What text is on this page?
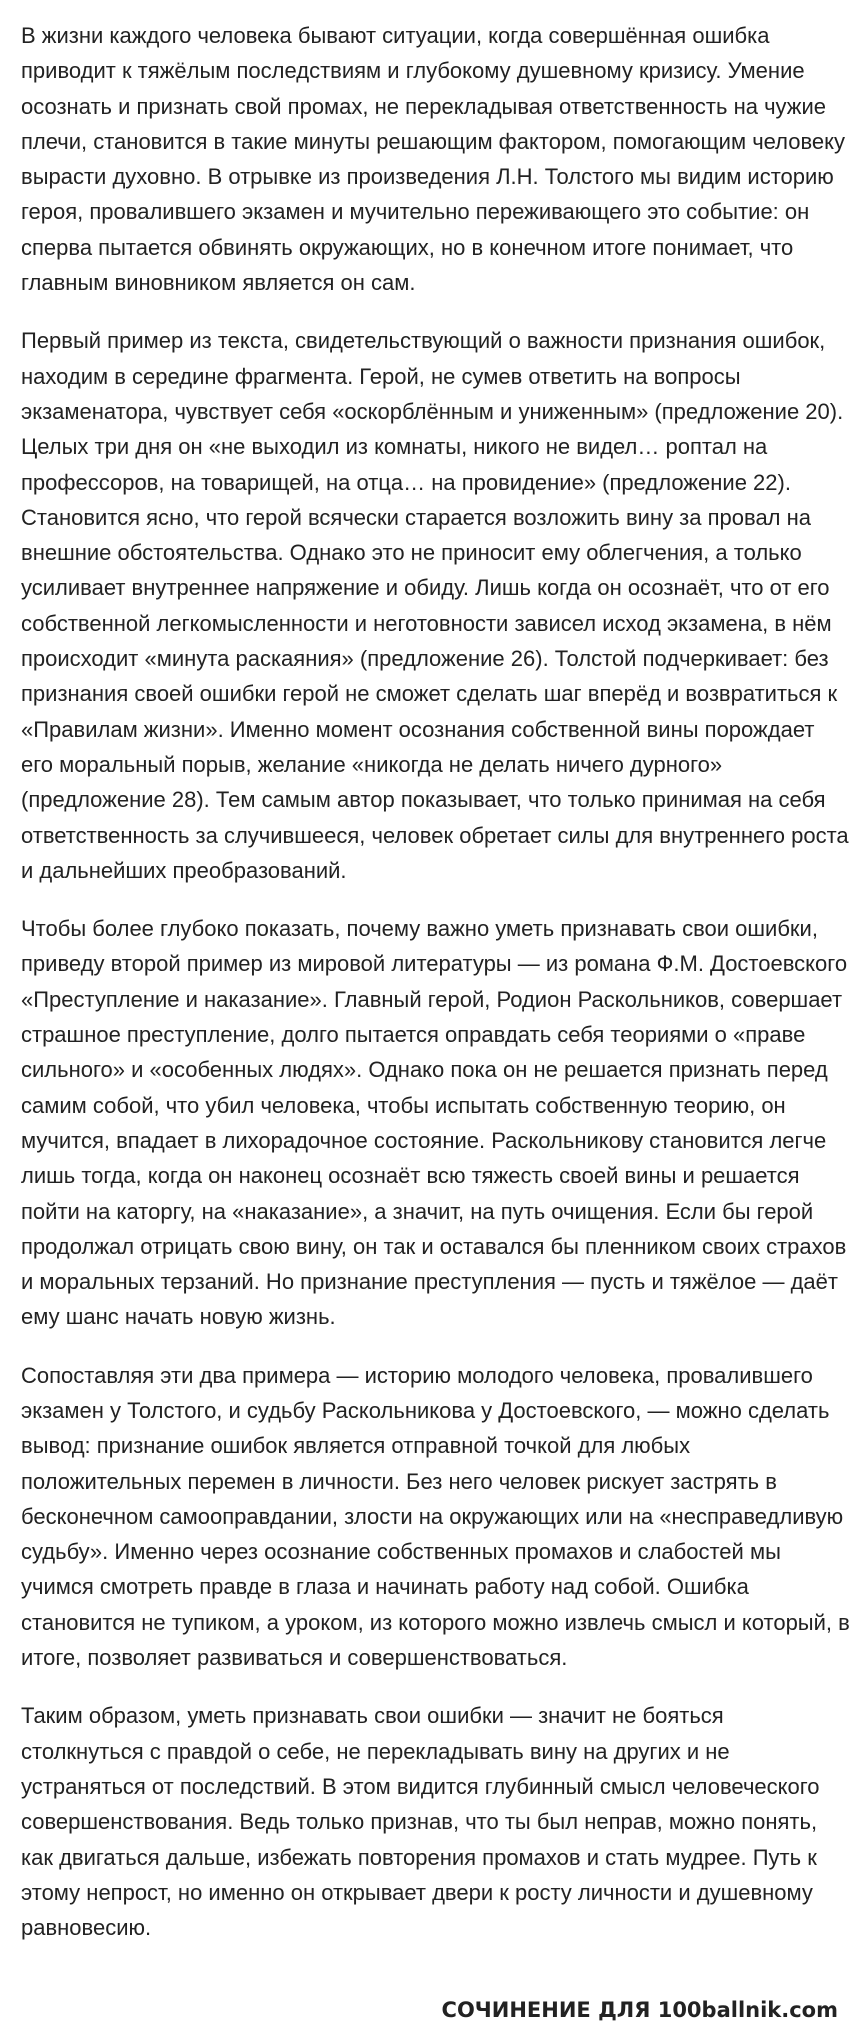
В жизни каждого человека бывают ситуации, когда совершённая ошибка приводит к тяжёлым последствиям и глубокому душевному кризису. Умение осознать и признать свой промах, не перекладывая ответственность на чужие плечи, становится в такие минуты решающим фактором, помогающим человеку вырасти духовно. В отрывке из произведения Л.Н. Толстого мы видим историю героя, провалившего экзамен и мучительно переживающего это событие: он сперва пытается обвинять окружающих, но в конечном итоге понимает, что главным виновником является он сам.

Первый пример из текста, свидетельствующий о важности признания ошибок, находим в середине фрагмента. Герой, не сумев ответить на вопросы экзаменатора, чувствует себя «оскорблённым и униженным» (предложение 20). Целых три дня он «не выходил из комнаты, никого не видел… роптал на профессоров, на товарищей, на отца… на провидение» (предложение 22). Становится ясно, что герой всячески старается возложить вину за провал на внешние обстоятельства. Однако это не приносит ему облегчения, а только усиливает внутреннее напряжение и обиду. Лишь когда он осознаёт, что от его собственной легкомысленности и неготовности зависел исход экзамена, в нём происходит «минута раскаяния» (предложение 26). Толстой подчеркивает: без признания своей ошибки герой не сможет сделать шаг вперёд и возвратиться к «Правилам жизни». Именно момент осознания собственной вины порождает его моральный порыв, желание «никогда не делать ничего дурного» (предложение 28). Тем самым автор показывает, что только принимая на себя ответственность за случившееся, человек обретает силы для внутреннего роста и дальнейших преобразований.

Чтобы более глубоко показать, почему важно уметь признавать свои ошибки, приведу второй пример из мировой литературы — из романа Ф.М. Достоевского «Преступление и наказание». Главный герой, Родион Раскольников, совершает страшное преступление, долго пытается оправдать себя теориями о «праве сильного» и «особенных людях». Однако пока он не решается признать перед самим собой, что убил человека, чтобы испытать собственную теорию, он мучится, впадает в лихорадочное состояние. Раскольникову становится легче лишь тогда, когда он наконец осознаёт всю тяжесть своей вины и решается пойти на каторгу, на «наказание», а значит, на путь очищения. Если бы герой продолжал отрицать свою вину, он так и оставался бы пленником своих страхов и моральных терзаний. Но признание преступления — пусть и тяжёлое — даёт ему шанс начать новую жизнь.

Сопоставляя эти два примера — историю молодого человека, провалившего экзамен у Толстого, и судьбу Раскольникова у Достоевского, — можно сделать вывод: признание ошибок является отправной точкой для любых положительных перемен в личности. Без него человек рискует застрять в бесконечном самооправдании, злости на окружающих или на «несправедливую судьбу». Именно через осознание собственных промахов и слабостей мы учимся смотреть правде в глаза и начинать работу над собой. Ошибка становится не тупиком, а уроком, из которого можно извлечь смысл и который, в итоге, позволяет развиваться и совершенствоваться.

Таким образом, уметь признавать свои ошибки — значит не бояться столкнуться с правдой о себе, не перекладывать вину на других и не устраняться от последствий. В этом видится глубинный смысл человеческого совершенствования. Ведь только признав, что ты был неправ, можно понять, как двигаться дальше, избежать повторения промахов и стать мудрее. Путь к этому непрост, но именно он открывает двери к росту личности и душевному равновесию.

СОЧИНЕНИЕ ДЛЯ 100ballnik.com
